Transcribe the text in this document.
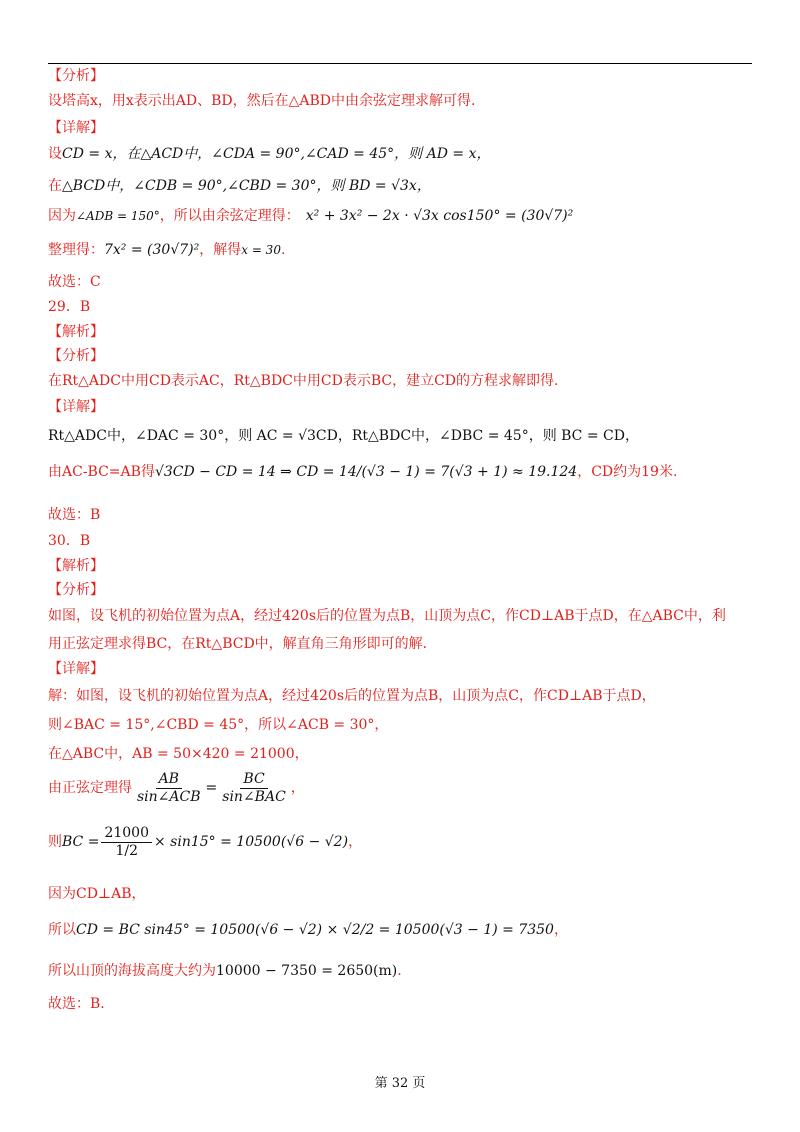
【分析】
设塔高x，用x表示出AD、BD，然后在△ABD中由余弦定理求解可得.
【详解】
设CD = x，在△ACD中，∠CDA = 90°,∠CAD = 45°，则 AD = x，
在△BCD中，∠CDB = 90°,∠CBD = 30°，则 BD = √3x，
因为∠ADB = 150°，所以由余弦定理得： x² + 3x² − 2x · √3x cos150° = (30√7)²
整理得：7x² = (30√7)²，解得x = 30.
故选：C
29．B
【解析】
【分析】
在Rt△ADC中用CD表示AC，Rt△BDC中用CD表示BC，建立CD的方程求解即得.
【详解】
Rt△ADC中，∠DAC = 30°，则 AC = √3CD，Rt△BDC中，∠DBC = 45°，则 BC = CD，
由AC-BC=AB得√3CD − CD = 14 ⇒ CD = 14/(√3 − 1) = 7(√3 + 1) ≈ 19.124，CD约为19米.
故选：B
30．B
【解析】
【分析】
如图，设飞机的初始位置为点A，经过420s后的位置为点B，山顶为点C，作CD⊥AB于点D，在△ABC中，利
用正弦定理求得BC，在Rt△BCD中，解直角三角形即可的解.
【详解】
解：如图，设飞机的初始位置为点A，经过420s后的位置为点B，山顶为点C，作CD⊥AB于点D，
则∠BAC = 15°,∠CBD = 45°，所以∠ACB = 30°，
在△ABC中，AB = 50×420 = 21000，
由正弦定理得 $\frac{AB}{\text{sin∠ACB}} = \frac{BC}{\text{sin∠BAC}}$ ，
则BC = $\frac{21000}{1/2} \times \sin 15^\circ = 10500(√6 - √2)$，
因为CD⊥AB，
所以CD = BC sin45° = 10500(√6 − √2) × √2/2 = 10500(√3 − 1) = 7350，
所以山顶的海拔高度大约为10000 − 7350 = 2650(m).
故选：B.
第 32 页
